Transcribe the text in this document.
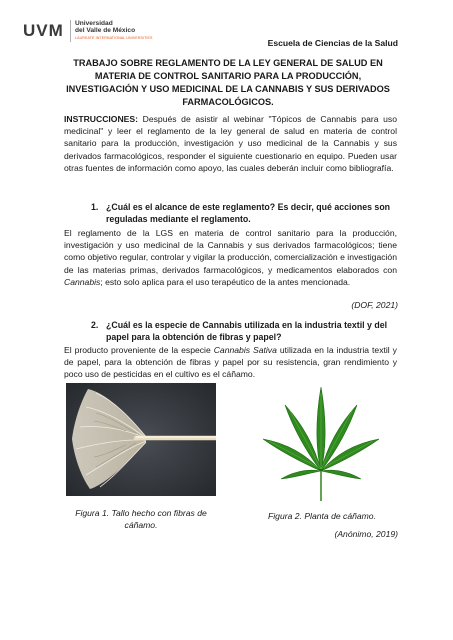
UVM Universidad
del Valle de México
LAUREATE INTERNATIONAL UNIVERSITIES	Escuela de Ciencias de la Salud
TRABAJO SOBRE REGLAMENTO DE LA LEY GENERAL DE SALUD EN MATERIA DE CONTROL SANITARIO PARA LA PRODUCCIÓN, INVESTIGACIÓN Y USO MEDICINAL DE LA CANNABIS Y SUS DERIVADOS FARMACOLÓGICOS.
INSTRUCCIONES: Después de asistir al webinar "Tópicos de Cannabis para uso medicinal" y leer el reglamento de la ley general de salud en materia de control sanitario para la producción, investigación y uso medicinal de la Cannabis y sus derivados farmacológicos, responder el siguiente cuestionario en equipo. Pueden usar otras fuentes de información como apoyo, las cuales deberán incluir como bibliografía.
1. ¿Cuál es el alcance de este reglamento? Es decir, qué acciones son reguladas mediante el reglamento.
El reglamento de la LGS en materia de control sanitario para la producción, investigación y uso medicinal de la Cannabis y sus derivados farmacológicos; tiene como objetivo regular, controlar y vigilar la producción, comercialización e investigación de las materias primas, derivados farmacológicos, y medicamentos elaborados con Cannabis; esto solo aplica para el uso terapéutico de la antes mencionada.
(DOF, 2021)
2. ¿Cuál es la especie de Cannabis utilizada en la industria textil y del papel para la obtención de fibras y papel?
El producto proveniente de la especie Cannabis Sativa utilizada en la industria textil y de papel, para la obtención de fibras y papel por su resistencia, gran rendimiento y poco uso de pesticidas en el cultivo es el cáñamo.
Figura 1. Tallo hecho con fibras de cáñamo.
Figura 2. Planta de cáñamo.
(Anónimo, 2019)
